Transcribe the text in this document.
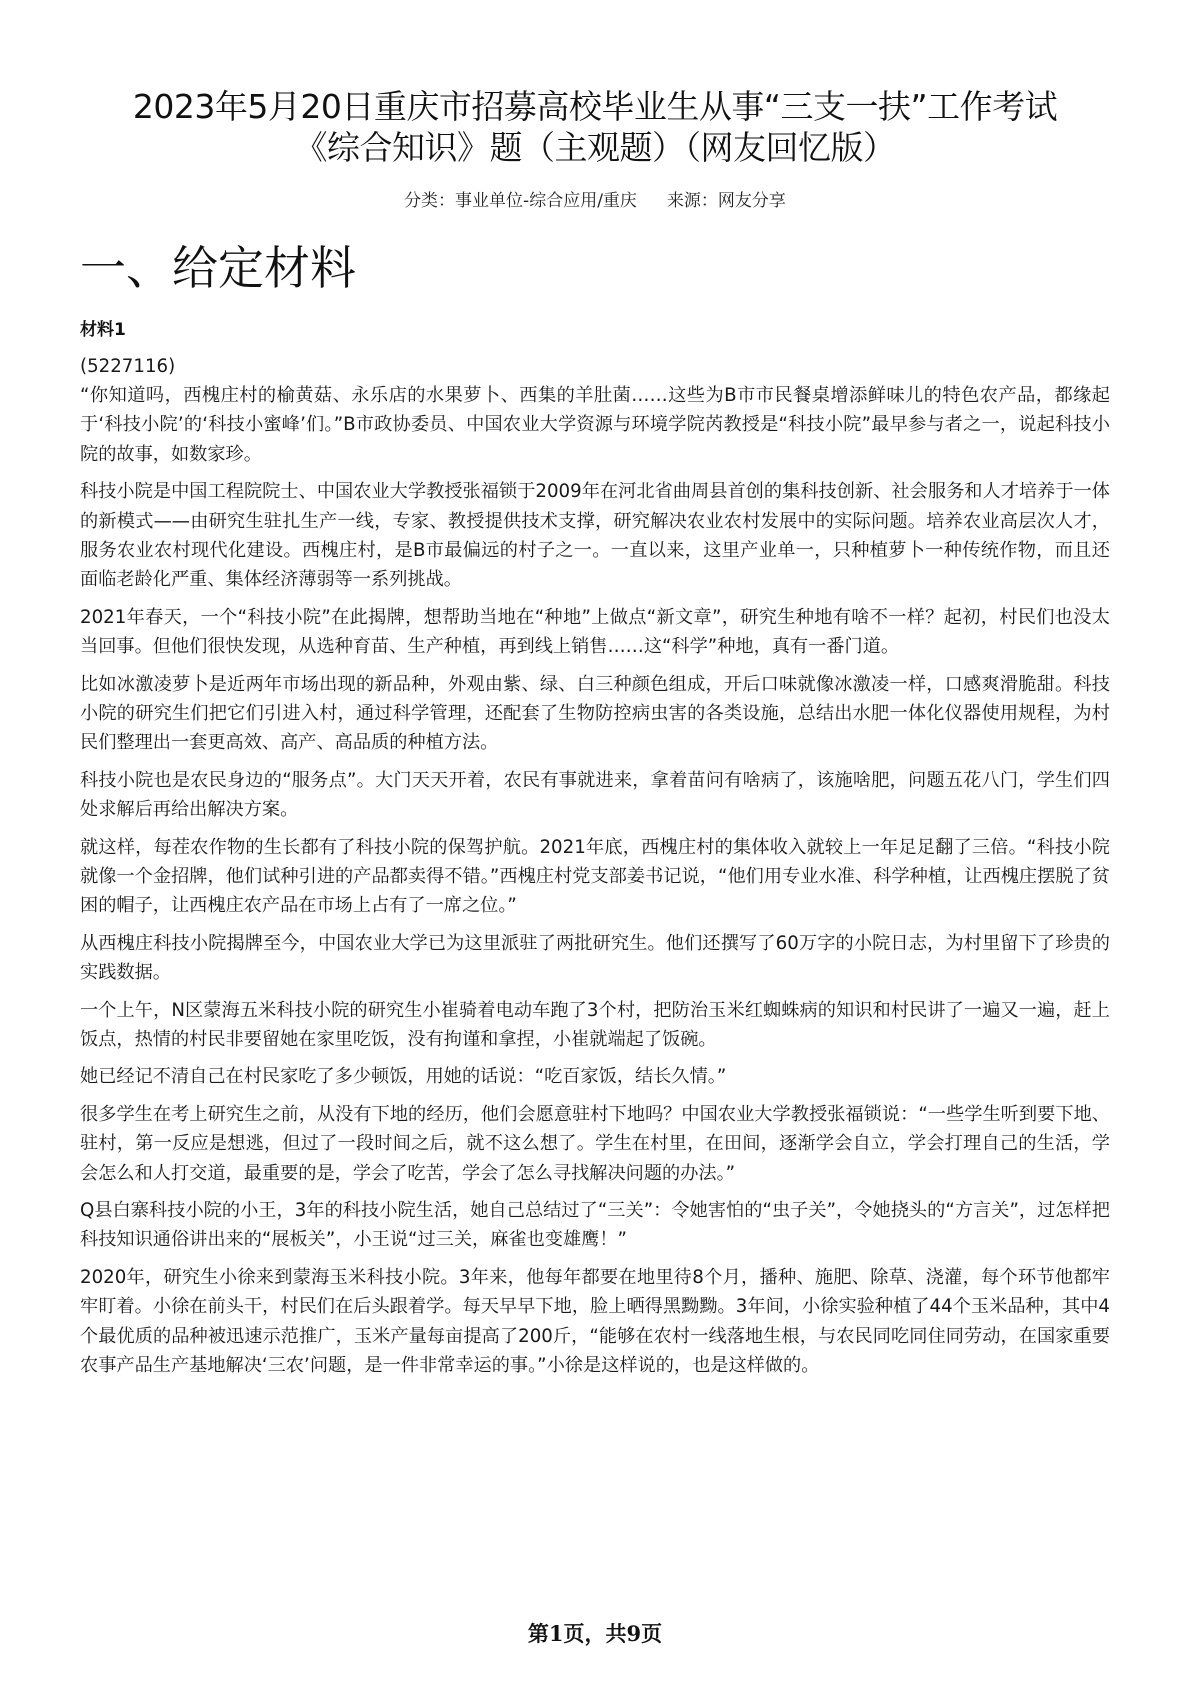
2023年5月20日重庆市招募高校毕业生从事“三支一扶”工作考试
《综合知识》题（主观题）（网友回忆版）
分类：事业单位-综合应用/重庆 来源：网友分享
一、给定材料
材料1

(5227116)

“你知道吗，西槐庄村的榆黄菇、永乐店的水果萝卜、西集的羊肚菌……这些为B市市民餐桌增添鲜味儿的特色农产品，都缘起于‘科技小院’的‘科技小蜜峰’们。”B市政协委员、中国农业大学资源与环境学院芮教授是“科技小院”最早参与者之一，说起科技小院的故事，如数家珍。

科技小院是中国工程院院士、中国农业大学教授张福锁于2009年在河北省曲周县首创的集科技创新、社会服务和人才培养于一体的新模式——由研究生驻扎生产一线，专家、教授提供技术支撑，研究解决农业农村发展中的实际问题。培养农业高层次人才，服务农业农村现代化建设。西槐庄村，是B市最偏远的村子之一。一直以来，这里产业单一，只种植萝卜一种传统作物，而且还面临老龄化严重、集体经济薄弱等一系列挑战。

2021年春天，一个“科技小院”在此揭牌，想帮助当地在“种地”上做点“新文章”，研究生种地有啥不一样？起初，村民们也没太当回事。但他们很快发现，从选种育苗、生产种植，再到线上销售……这“科学”种地，真有一番门道。

比如冰激凌萝卜是近两年市场出现的新品种，外观由紫、绿、白三种颜色组成，开后口味就像冰激凌一样，口感爽滑脆甜。科技小院的研究生们把它们引进入村，通过科学管理，还配套了生物防控病虫害的各类设施，总结出水肥一体化仪器使用规程，为村民们整理出一套更高效、高产、高品质的种植方法。

科技小院也是农民身边的“服务点”。大门天天开着，农民有事就进来，拿着苗问有啥病了，该施啥肥，问题五花八门，学生们四处求解后再给出解决方案。

就这样，每茬农作物的生长都有了科技小院的保驾护航。2021年底，西槐庄村的集体收入就较上一年足足翻了三倍。“科技小院就像一个金招牌，他们试种引进的产品都卖得不错。”西槐庄村党支部姜书记说，“他们用专业水准、科学种植，让西槐庄摆脱了贫困的帽子，让西槐庄农产品在市场上占有了一席之位。”

从西槐庄科技小院揭牌至今，中国农业大学已为这里派驻了两批研究生。他们还撰写了60万字的小院日志，为村里留下了珍贵的实践数据。

一个上午，N区蒙海五米科技小院的研究生小崔骑着电动车跑了3个村，把防治玉米红蜘蛛病的知识和村民讲了一遍又一遍，赶上饭点，热情的村民非要留她在家里吃饭，没有拘谨和拿捏，小崔就端起了饭碗。

她已经记不清自己在村民家吃了多少顿饭，用她的话说：“吃百家饭，结长久情。”

很多学生在考上研究生之前，从没有下地的经历，他们会愿意驻村下地吗？中国农业大学教授张福锁说：“一些学生听到要下地、驻村，第一反应是想逃，但过了一段时间之后，就不这么想了。学生在村里，在田间，逐渐学会自立，学会打理自己的生活，学会怎么和人打交道，最重要的是，学会了吃苦，学会了怎么寻找解决问题的办法。”

Q县白寨科技小院的小王，3年的科技小院生活，她自己总结过了“三关”：令她害怕的“虫子关”，令她挠头的“方言关”，过怎样把科技知识通俗讲出来的“展板关”，小王说“过三关，麻雀也变雄鹰！”

2020年，研究生小徐来到蒙海玉米科技小院。3年来，他每年都要在地里待8个月，播种、施肥、除草、浇灌，每个环节他都牢牢盯着。小徐在前头干，村民们在后头跟着学。每天早早下地，脸上晒得黑黝黝。3年间，小徐实验种植了44个玉米品种，其中4个最优质的品种被迅速示范推广，玉米产量每亩提高了200斤，“能够在农村一线落地生根，与农民同吃同住同劳动，在国家重要农事产品生产基地解决‘三农’问题，是一件非常幸运的事。”小徐是这样说的，也是这样做的。

第1页，共9页
